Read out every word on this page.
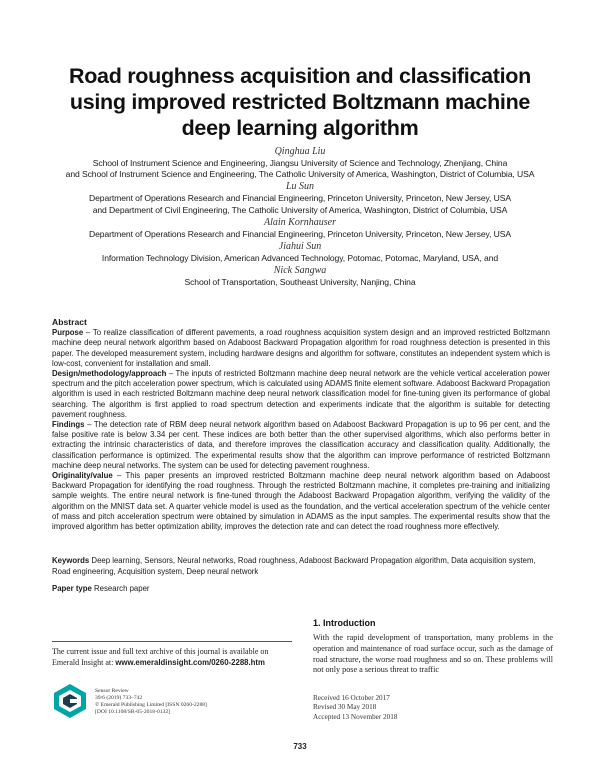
Road roughness acquisition and classification
using improved restricted Boltzmann machine
deep learning algorithm
Qinghua Liu
School of Instrument Science and Engineering, Jiangsu University of Science and Technology, Zhenjiang, China
and School of Instrument Science and Engineering, The Catholic University of America, Washington, District of Columbia, USA
Lu Sun
Department of Operations Research and Financial Engineering, Princeton University, Princeton, New Jersey, USA
and Department of Civil Engineering, The Catholic University of America, Washington, District of Columbia, USA
Alain Kornhauser
Department of Operations Research and Financial Engineering, Princeton University, Princeton, New Jersey, USA
Jiahui Sun
Information Technology Division, American Advanced Technology, Potomac, Potomac, Maryland, USA, and
Nick Sangwa
School of Transportation, Southeast University, Nanjing, China
Abstract
Purpose – To realize classification of different pavements, a road roughness acquisition system design and an improved restricted Boltzmann machine deep neural network algorithm based on Adaboost Backward Propagation algorithm for road roughness detection is presented in this paper. The developed measurement system, including hardware designs and algorithm for software, constitutes an independent system which is low-cost, convenient for installation and small.
Design/methodology/approach – The inputs of restricted Boltzmann machine deep neural network are the vehicle vertical acceleration power spectrum and the pitch acceleration power spectrum, which is calculated using ADAMS finite element software. Adaboost Backward Propagation algorithm is used in each restricted Boltzmann machine deep neural network classification model for fine-tuning given its performance of global searching. The algorithm is first applied to road spectrum detection and experiments indicate that the algorithm is suitable for detecting pavement roughness.
Findings – The detection rate of RBM deep neural network algorithm based on Adaboost Backward Propagation is up to 96 per cent, and the false positive rate is below 3.34 per cent. These indices are both better than the other supervised algorithms, which also performs better in extracting the intrinsic characteristics of data, and therefore improves the classification accuracy and classification quality. Additionally, the classification performance is optimized. The experimental results show that the algorithm can improve performance of restricted Boltzmann machine deep neural networks. The system can be used for detecting pavement roughness.
Originality/value – This paper presents an improved restricted Boltzmann machine deep neural network algorithm based on Adaboost Backward Propagation for identifying the road roughness. Through the restricted Boltzmann machine, it completes pre-training and initializing sample weights. The entire neural network is fine-tuned through the Adaboost Backward Propagation algorithm, verifying the validity of the algorithm on the MNIST data set. A quarter vehicle model is used as the foundation, and the vertical acceleration spectrum of the vehicle center of mass and pitch acceleration spectrum were obtained by simulation in ADAMS as the input samples. The experimental results show that the improved algorithm has better optimization ability, improves the detection rate and can detect the road roughness more effectively.
Keywords Deep learning, Sensors, Neural networks, Road roughness, Adaboost Backward Propagation algorithm, Data acquisition system, Road engineering, Acquisition system, Deep neural network
Paper type Research paper
The current issue and full text archive of this journal is available on Emerald Insight at: www.emeraldinsight.com/0260-2288.htm
Sensor Review
39/6 (2019) 733–742
© Emerald Publishing Limited [ISSN 0260-2288]
[DOI 10.1108/SR-05-2018-0132]
1. Introduction
With the rapid development of transportation, many problems in the operation and maintenance of road surface occur, such as the damage of road structure, the worse road roughness and so on. These problems will not only pose a serious threat to traffic
Received 16 October 2017
Revised 30 May 2018
Accepted 13 November 2018
733
